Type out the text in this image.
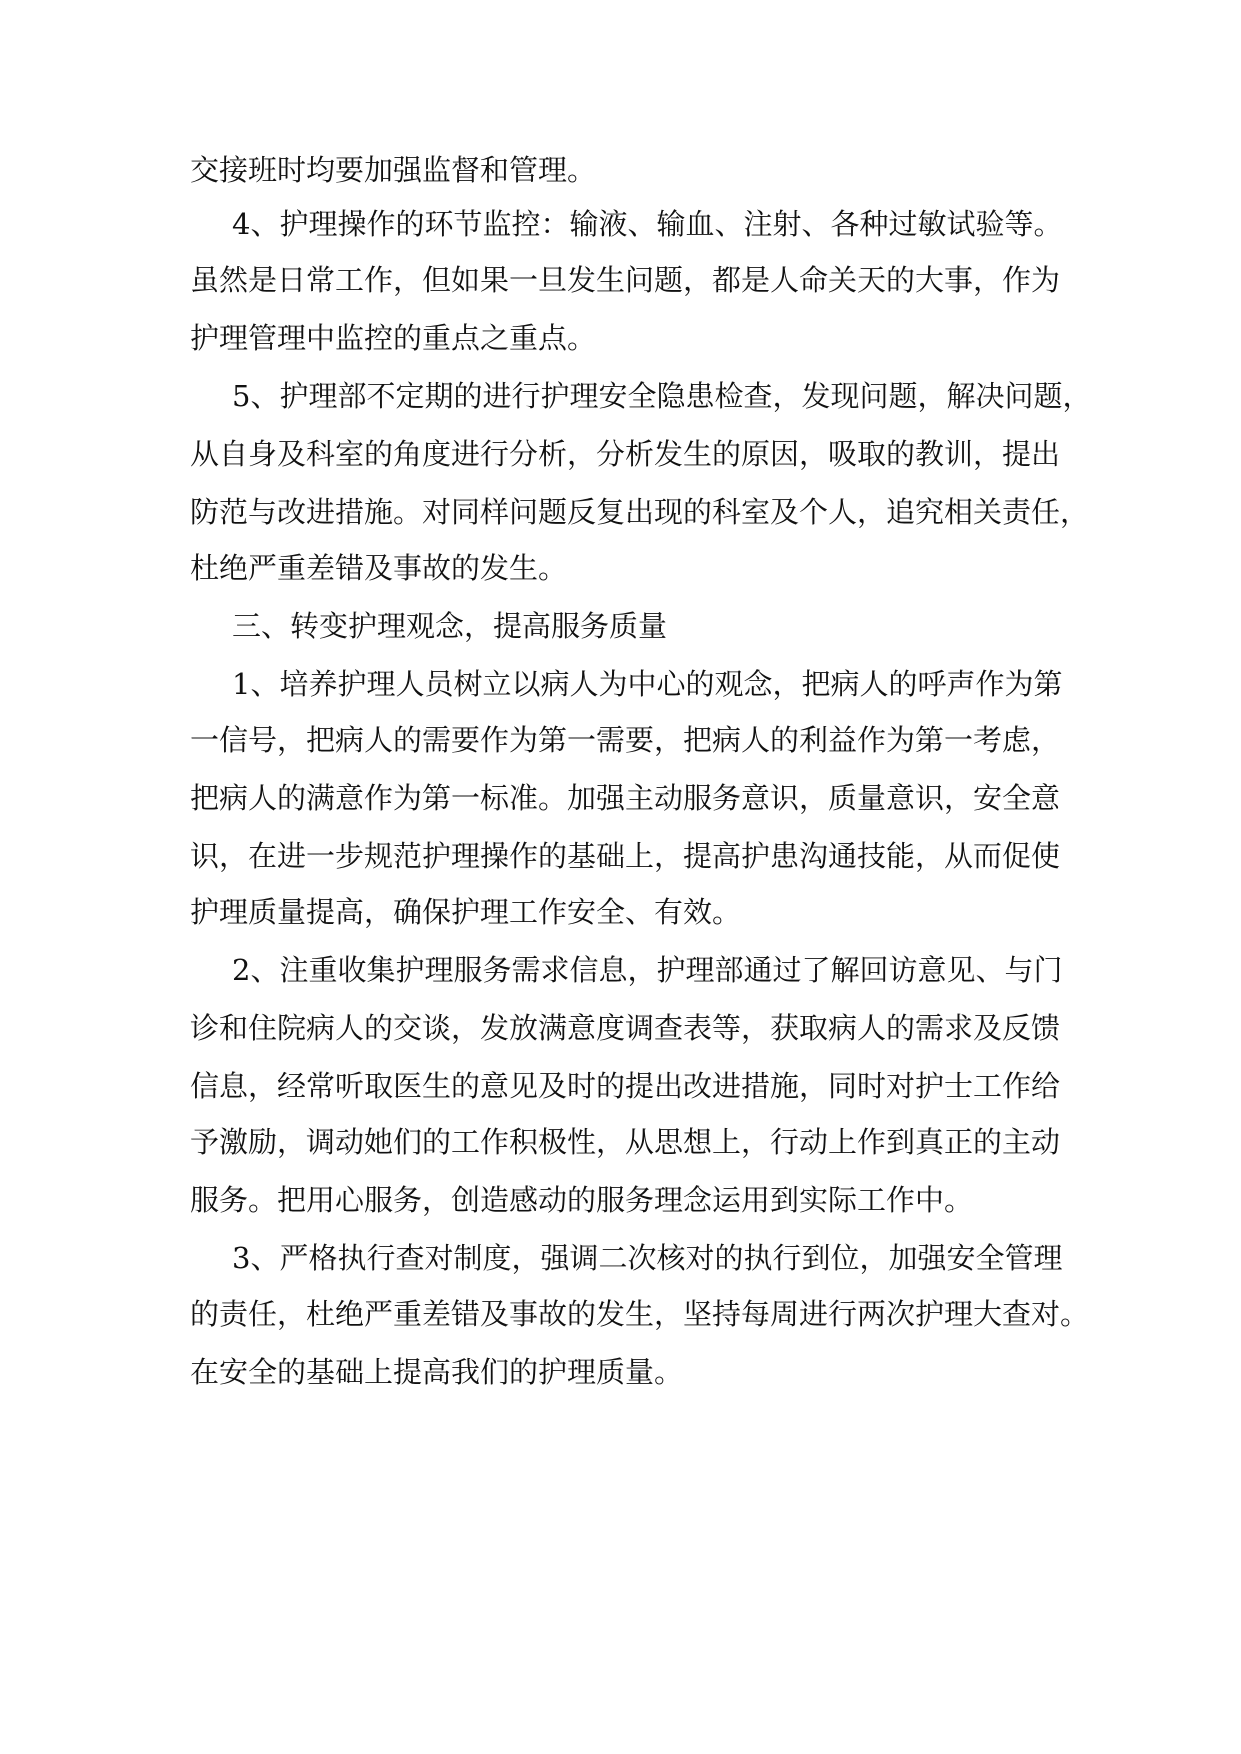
交接班时均要加强监督和管理。

4、护理操作的环节监控：输液、输血、注射、各种过敏试验等。

虽然是日常工作，但如果一旦发生问题，都是人命关天的大事，作为

护理管理中监控的重点之重点。

5、护理部不定期的进行护理安全隐患检查，发现问题，解决问题，

从自身及科室的角度进行分析，分析发生的原因，吸取的教训，提出

防范与改进措施。对同样问题反复出现的科室及个人，追究相关责任，

杜绝严重差错及事故的发生。

三、转变护理观念，提高服务质量

1、培养护理人员树立以病人为中心的观念，把病人的呼声作为第

一信号，把病人的需要作为第一需要，把病人的利益作为第一考虑，

把病人的满意作为第一标准。加强主动服务意识，质量意识，安全意

识，在进一步规范护理操作的基础上，提高护患沟通技能，从而促使

护理质量提高，确保护理工作安全、有效。

2、注重收集护理服务需求信息，护理部通过了解回访意见、与门

诊和住院病人的交谈，发放满意度调查表等，获取病人的需求及反馈

信息，经常听取医生的意见及时的提出改进措施，同时对护士工作给

予激励，调动她们的工作积极性，从思想上，行动上作到真正的主动

服务。把用心服务，创造感动的服务理念运用到实际工作中。

3、严格执行查对制度，强调二次核对的执行到位，加强安全管理

的责任，杜绝严重差错及事故的发生，坚持每周进行两次护理大查对。

在安全的基础上提高我们的护理质量。
